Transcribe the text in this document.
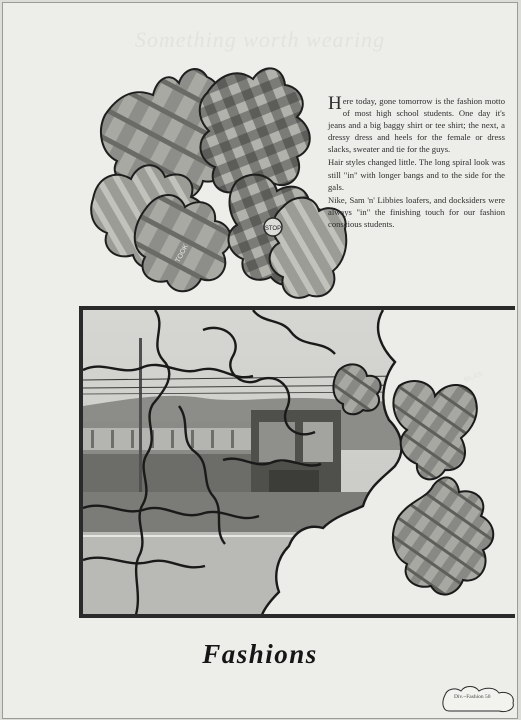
Something worth wearing
STOP
TOOK

Here today, gone tomorrow is the fashion motto of most high school students. One day it's jeans and a big baggy shirt or tee shirt; the next, a dressy dress and heels for the female or dress slacks, sweater and tie for the guys.

Hair styles changed little. The long spiral look was still "in" with longer bangs and to the side for the gals.

Nike, Sam 'n' Libbies loafers, and docksiders were always "in" the finishing touch for our fashion conscious students.

BLAS
Fashions
Div.~Fashion 50
